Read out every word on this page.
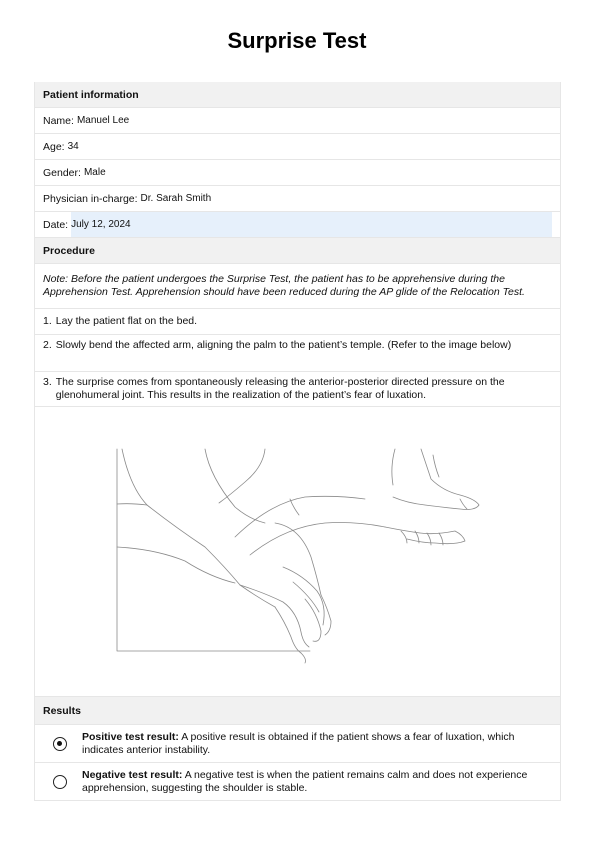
Surprise Test
Patient information
Name: Manuel Lee
Age: 34
Gender: Male
Physician in-charge: Dr. Sarah Smith
Date: July 12, 2024
Procedure
Note: Before the patient undergoes the Surprise Test, the patient has to be apprehensive during the Apprehension Test. Apprehension should have been reduced during the AP glide of the Relocation Test.
1. Lay the patient flat on the bed.
2. Slowly bend the affected arm, aligning the palm to the patient’s temple. (Refer to the image below)
3. The surprise comes from spontaneously releasing the anterior-posterior directed pressure on the glenohumeral joint. This results in the realization of the patient’s fear of luxation.
Results
Positive test result: A positive result is obtained if the patient shows a fear of luxation, which indicates anterior instability.
Negative test result: A negative test is when the patient remains calm and does not experience apprehension, suggesting the shoulder is stable.
